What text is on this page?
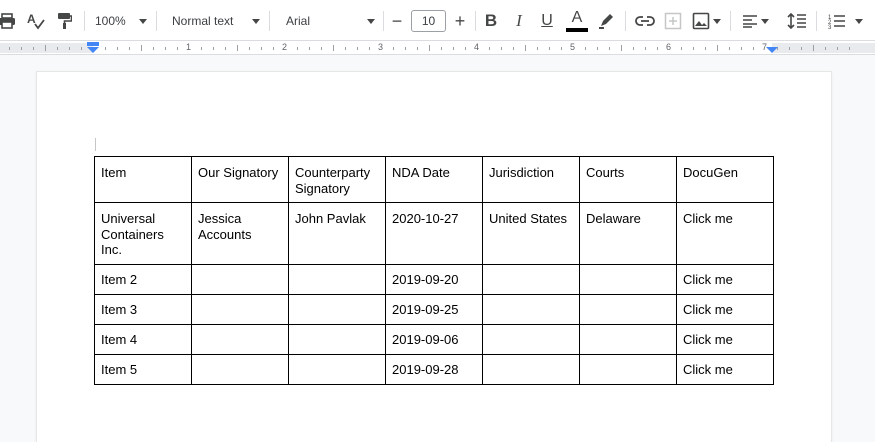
A	100%	Normal text	Arial	−	10	+	B	I	U	A	1
2
3
1	2	3	4	5	6	7
Item	Our Signatory	Counterparty Signatory	NDA Date	Jurisdiction	Courts	DocuGen
Universal Containers Inc.	Jessica Accounts	John Pavlak	2020-10-27	United States	Delaware	Click me
Item 2			2019-09-20			Click me
Item 3			2019-09-25			Click me
Item 4			2019-09-06			Click me
Item 5			2019-09-28			Click me
